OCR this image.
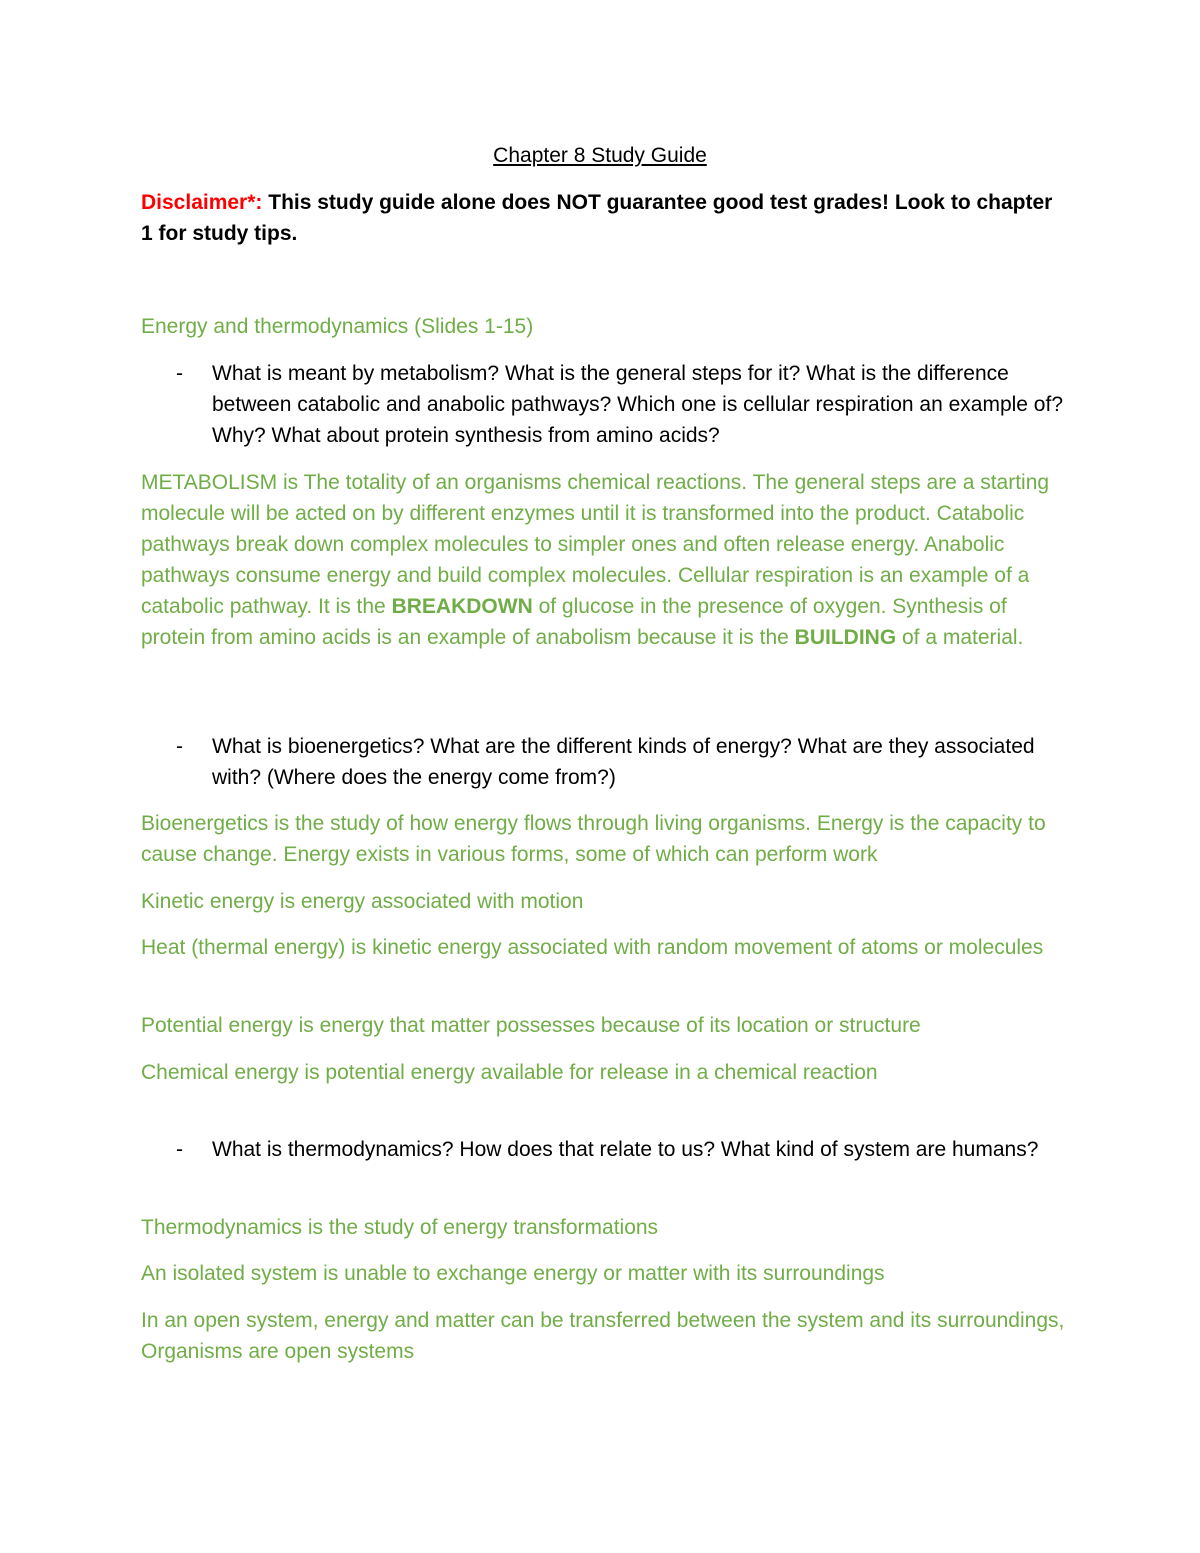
Chapter 8 Study Guide

Disclaimer*: This study guide alone does NOT guarantee good test grades! Look to chapter 1 for study tips.

Energy and thermodynamics (Slides 1-15)

- What is meant by metabolism? What is the general steps for it? What is the difference between catabolic and anabolic pathways? Which one is cellular respiration an example of? Why? What about protein synthesis from amino acids?

METABOLISM is The totality of an organisms chemical reactions. The general steps are a starting molecule will be acted on by different enzymes until it is transformed into the product. Catabolic pathways break down complex molecules to simpler ones and often release energy. Anabolic pathways consume energy and build complex molecules. Cellular respiration is an example of a catabolic pathway. It is the BREAKDOWN of glucose in the presence of oxygen. Synthesis of protein from amino acids is an example of anabolism because it is the BUILDING of a material.

- What is bioenergetics? What are the different kinds of energy? What are they associated with? (Where does the energy come from?)

Bioenergetics is the study of how energy flows through living organisms. Energy is the capacity to cause change. Energy exists in various forms, some of which can perform work

Kinetic energy is energy associated with motion

Heat (thermal energy) is kinetic energy associated with random movement of atoms or molecules

Potential energy is energy that matter possesses because of its location or structure

Chemical energy is potential energy available for release in a chemical reaction

- What is thermodynamics? How does that relate to us? What kind of system are humans?

Thermodynamics is the study of energy transformations

An isolated system is unable to exchange energy or matter with its surroundings

In an open system, energy and matter can be transferred between the system and its surroundings, Organisms are open systems
